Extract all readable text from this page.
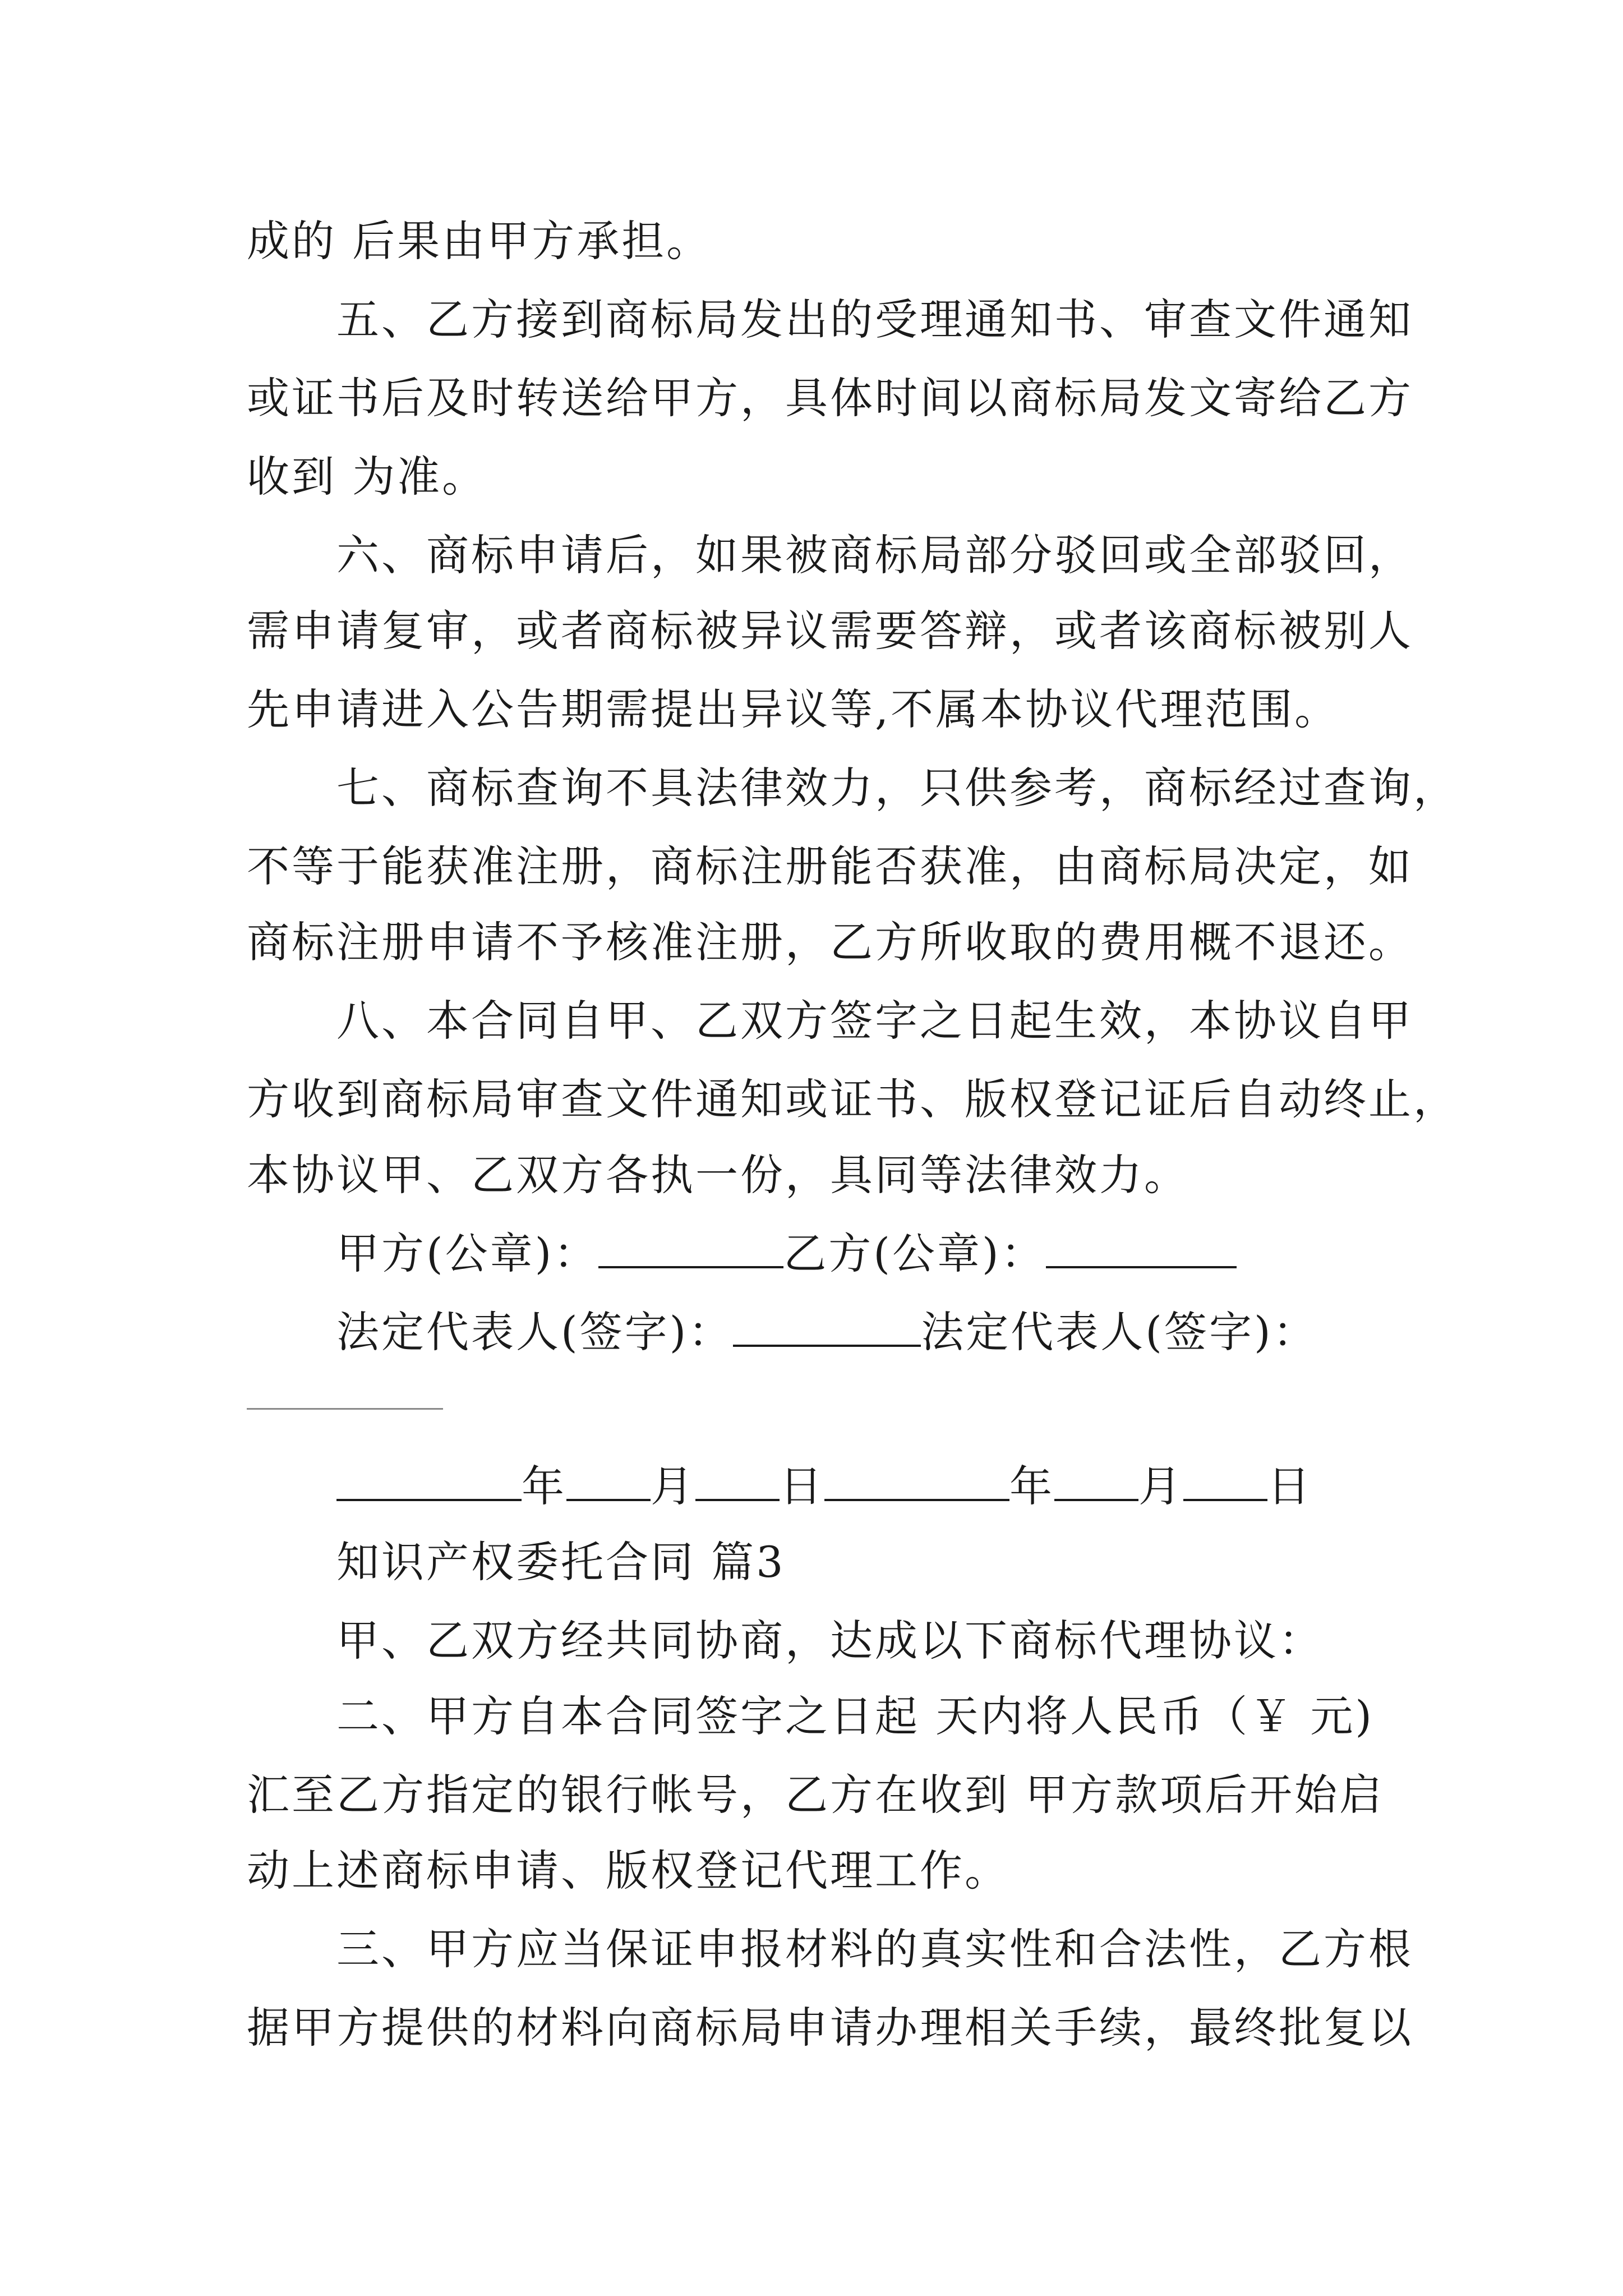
成的 后果由甲方承担。
五、乙方接到商标局发出的受理通知书、审查文件通知
或证书后及时转送给甲方，具体时间以商标局发文寄给乙方
收到 为准。
六、商标申请后，如果被商标局部分驳回或全部驳回，
需申请复审，或者商标被异议需要答辩，或者该商标被别人
先申请进入公告期需提出异议等,不属本协议代理范围。
七、商标查询不具法律效力，只供参考，商标经过查询，
不等于能获准注册，商标注册能否获准，由商标局决定，如
商标注册申请不予核准注册，乙方所收取的费用概不退还。
八、本合同自甲、乙双方签字之日起生效，本协议自甲
方收到商标局审查文件通知或证书、版权登记证后自动终止，
本协议甲、乙双方各执一份，具同等法律效力。
甲方(公章)：	乙方(公章)：
法定代表人(签字)：	法定代表人(签字)：
年 月 日	年 月 日
知识产权委托合同 篇3
甲、乙双方经共同协商，达成以下商标代理协议：
二、甲方自本合同签字之日起 天内将人民币（￥ 元)
汇至乙方指定的银行帐号，乙方在收到 甲方款项后开始启
动上述商标申请、版权登记代理工作。
三、甲方应当保证申报材料的真实性和合法性，乙方根
据甲方提供的材料向商标局申请办理相关手续，最终批复以
